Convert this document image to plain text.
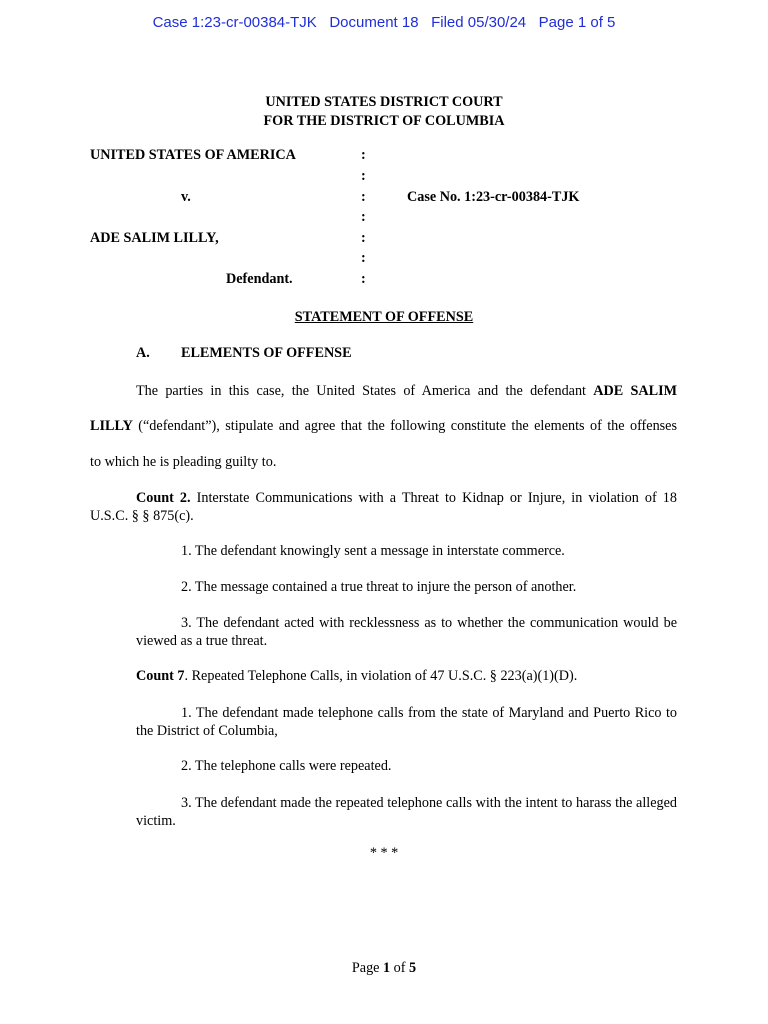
Case 1:23-cr-00384-TJK Document 18 Filed 05/30/24 Page 1 of 5
UNITED STATES DISTRICT COURT
FOR THE DISTRICT OF COLUMBIA
UNITED STATES OF AMERICA
v.
ADE SALIM LILLY,
Defendant.
:
:
:
:
:
:
:
Case No. 1:23-cr-00384-TJK
STATEMENT OF OFFENSE
A. ELEMENTS OF OFFENSE
The parties in this case, the United States of America and the defendant ADE SALIM
LILLY (“defendant”), stipulate and agree that the following constitute the elements of the offenses
to which he is pleading guilty to.
Count 2. Interstate Communications with a Threat to Kidnap or Injure, in violation of 18 U.S.C. § § 875(c).
1. The defendant knowingly sent a message in interstate commerce.
2. The message contained a true threat to injure the person of another.
3. The defendant acted with recklessness as to whether the communication would be viewed as a true threat.
Count 7. Repeated Telephone Calls, in violation of 47 U.S.C. § 223(a)(1)(D).
1. The defendant made telephone calls from the state of Maryland and Puerto Rico to the District of Columbia,
2. The telephone calls were repeated.
3. The defendant made the repeated telephone calls with the intent to harass the alleged victim.
* * *
Page 1 of 5
